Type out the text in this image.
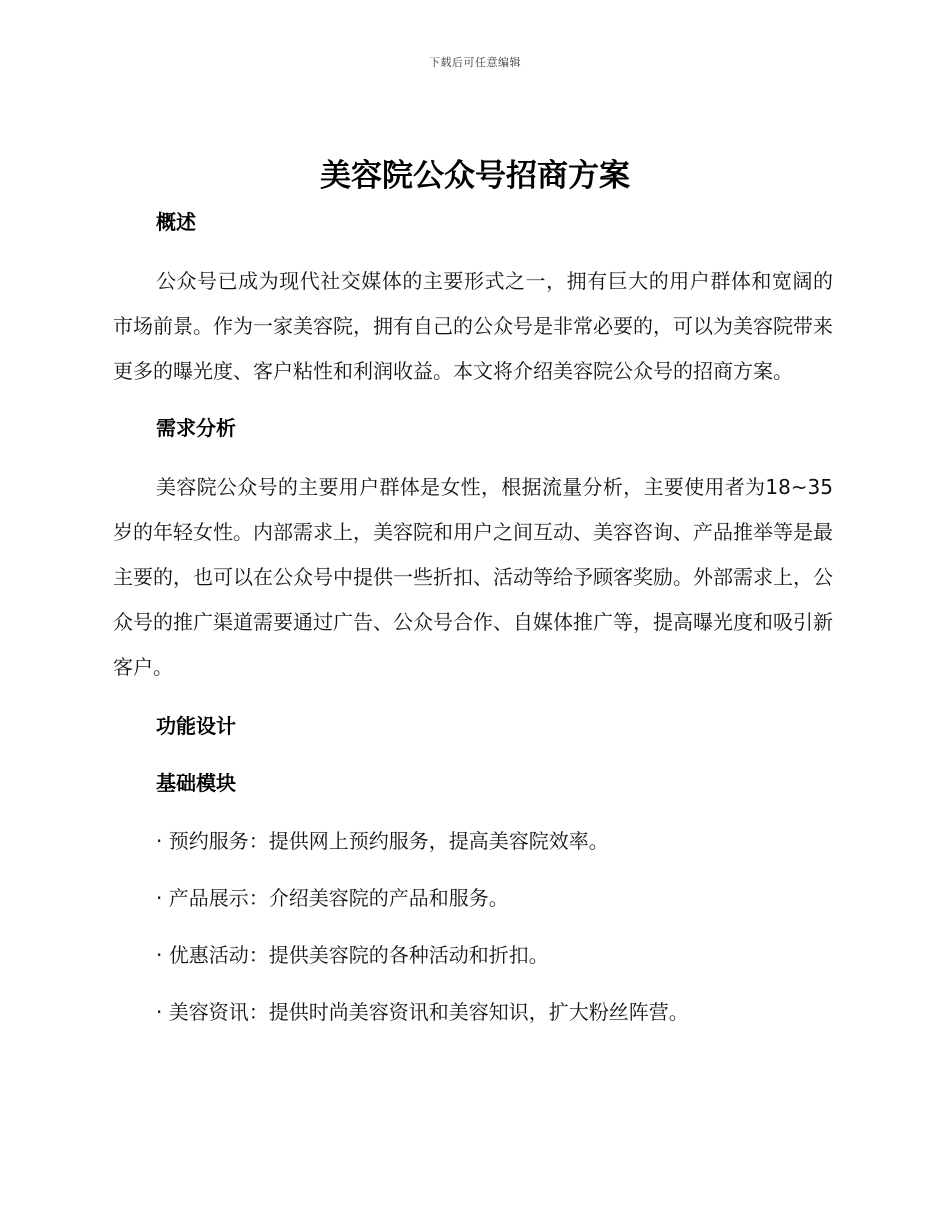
下载后可任意编辑
美容院公众号招商方案
概述

公众号已成为现代社交媒体的主要形式之一，拥有巨大的用户群体和宽阔的市场前景。作为一家美容院，拥有自己的公众号是非常必要的，可以为美容院带来更多的曝光度、客户粘性和利润收益。本文将介绍美容院公众号的招商方案。

需求分析

美容院公众号的主要用户群体是女性，根据流量分析，主要使用者为18~35岁的年轻女性。内部需求上，美容院和用户之间互动、美容咨询、产品推举等是最主要的，也可以在公众号中提供一些折扣、活动等给予顾客奖励。外部需求上，公众号的推广渠道需要通过广告、公众号合作、自媒体推广等，提高曝光度和吸引新客户。

功能设计
基础模块

· 预约服务：提供网上预约服务，提高美容院效率。

· 产品展示：介绍美容院的产品和服务。

· 优惠活动：提供美容院的各种活动和折扣。

· 美容资讯：提供时尚美容资讯和美容知识，扩大粉丝阵营。
